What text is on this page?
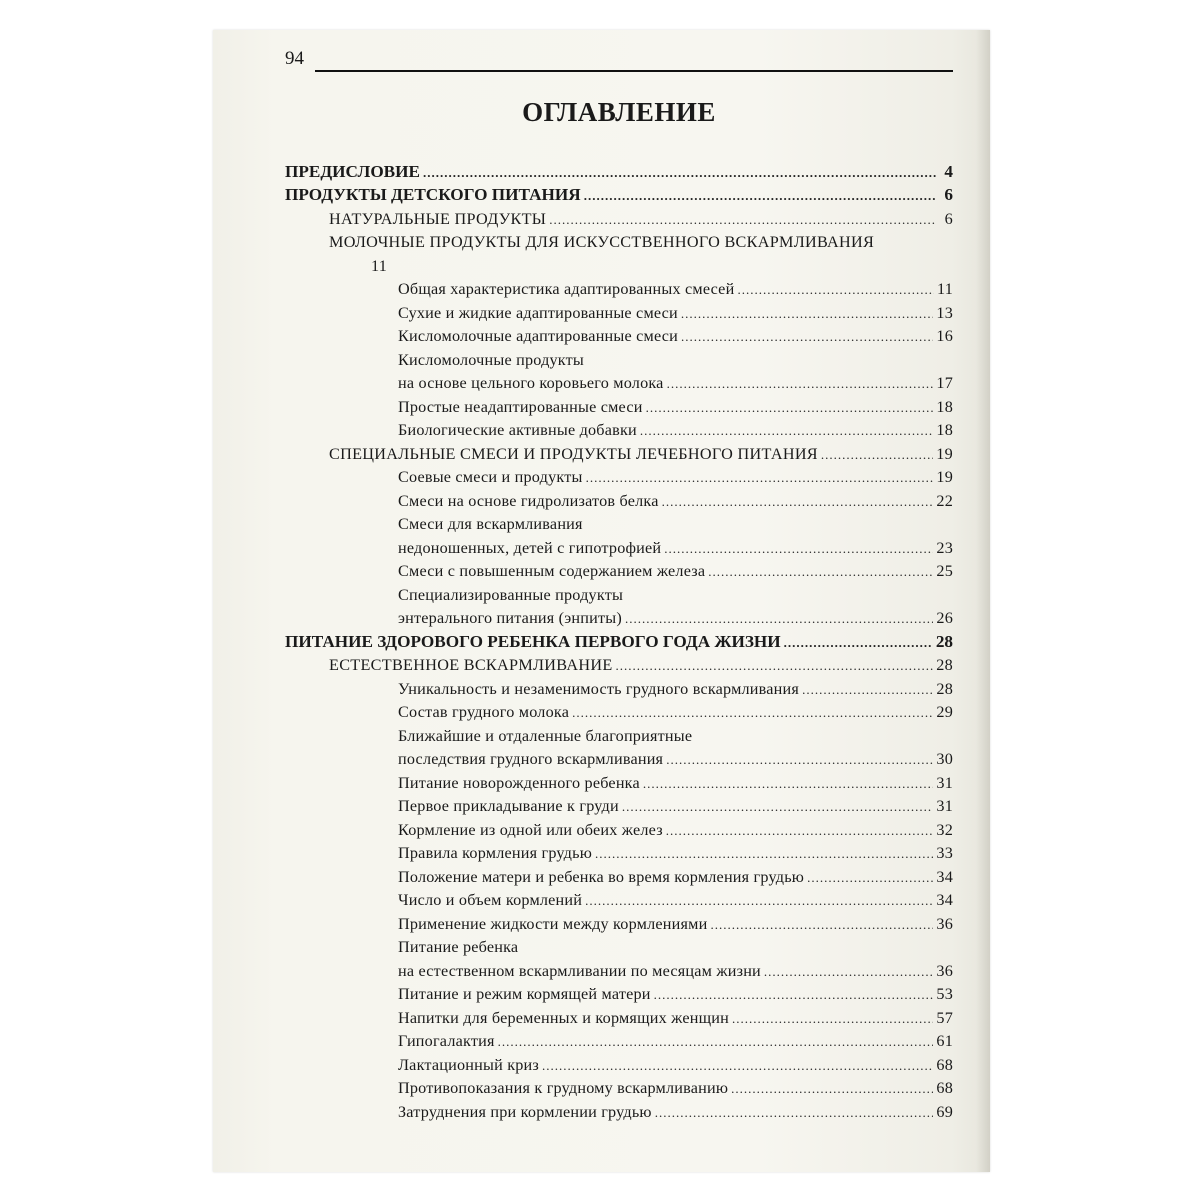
94
ОГЛАВЛЕНИЕ
ПРЕДИСЛОВИЕ .....	4
ПРОДУКТЫ ДЕТСКОГО ПИТАНИЯ .....	6
НАТУРАЛЬНЫЕ ПРОДУКТЫ .....	6
МОЛОЧНЫЕ ПРОДУКТЫ ДЛЯ ИСКУССТВЕННОГО ВСКАРМЛИВАНИЯ
11
Общая характеристика адаптированных смесей .....	11
Сухие и жидкие адаптированные смеси .....	13
Кисломолочные адаптированные смеси .....	16
Кисломолочные продукты
на основе цельного коровьего молока .....	17
Простые неадаптированные смеси .....	18
Биологические активные добавки .....	18
СПЕЦИАЛЬНЫЕ СМЕСИ И ПРОДУКТЫ ЛЕЧЕБНОГО ПИТАНИЯ .....	19
Соевые смеси и продукты .....	19
Смеси на основе гидролизатов белка .....	22
Смеси для вскармливания
недоношенных, детей с гипотрофией .....	23
Смеси с повышенным содержанием железа .....	25
Специализированные продукты
энтерального питания (энпиты) .....	26
ПИТАНИЕ ЗДОРОВОГО РЕБЕНКА ПЕРВОГО ГОДА ЖИЗНИ .....	28
ЕСТЕСТВЕННОЕ ВСКАРМЛИВАНИЕ .....	28
Уникальность и незаменимость грудного вскармливания .....	28
Состав грудного молока .....	29
Ближайшие и отдаленные благоприятные
последствия грудного вскармливания .....	30
Питание новорожденного ребенка .....	31
Первое прикладывание к груди .....	31
Кормление из одной или обеих желез .....	32
Правила кормления грудью .....	33
Положение матери и ребенка во время кормления грудью .....	34
Число и объем кормлений .....	34
Применение жидкости между кормлениями .....	36
Питание ребенка
на естественном вскармливании по месяцам жизни .....	36
Питание и режим кормящей матери .....	53
Напитки для беременных и кормящих женщин .....	57
Гипогалактия .....	61
Лактационный криз .....	68
Противопоказания к грудному вскармливанию .....	68
Затруднения при кормлении грудью .....	69
